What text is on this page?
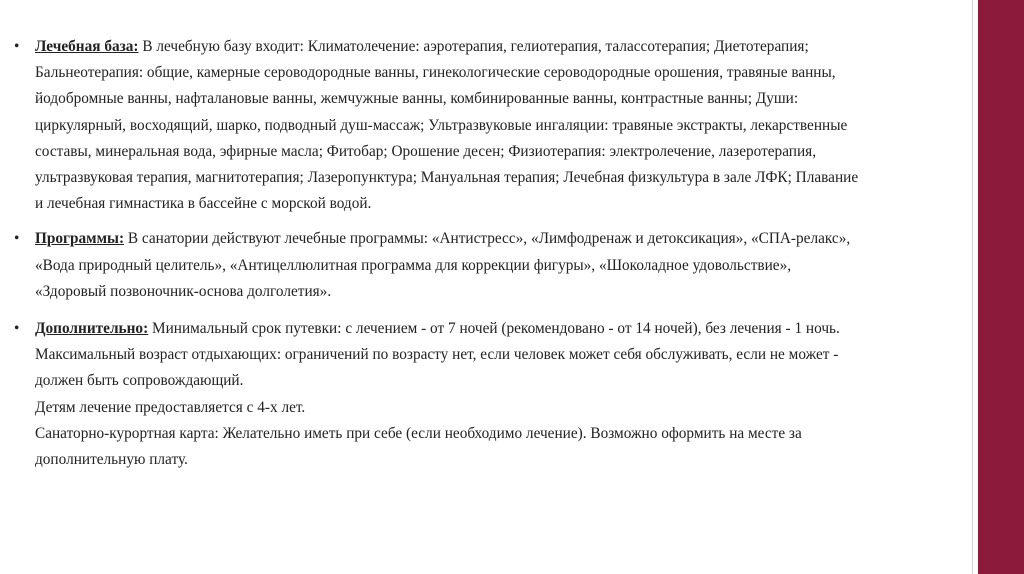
•	Лечебная база: В лечебную базу входит: Климатолечение: аэротерапия, гелиотерапия, талассотерапия; Диетотерапия;
Бальнеотерапия: общие, камерные сероводородные ванны, гинекологические сероводородные орошения, травяные ванны,
йодобромные ванны, нафталановые ванны, жемчужные ванны, комбинированные ванны, контрастные ванны; Души:
циркулярный, восходящий, шарко, подводный душ-массаж; Ультразвуковые ингаляции: травяные экстракты, лекарственные
составы, минеральная вода, эфирные масла; Фитобар; Орошение десен; Физиотерапия: электролечение, лазеротерапия,
ультразвуковая терапия, магнитотерапия; Лазеропунктура; Мануальная терапия; Лечебная физкультура в зале ЛФК; Плавание
и лечебная гимнастика в бассейне с морской водой.
•	Программы: В санатории действуют лечебные программы: «Антистресс», «Лимфодренаж и детоксикация», «СПА-релакс»,
«Вода природный целитель», «Антицеллюлитная программа для коррекции фигуры», «Шоколадное удовольствие»,
«Здоровый позвоночник-основа долголетия».
•	Дополнительно: Минимальный срок путевки: с лечением - от 7 ночей (рекомендовано - от 14 ночей), без лечения - 1 ночь.
Максимальный возраст отдыхающих: ограничений по возрасту нет, если человек может себя обслуживать, если не может -
должен быть сопровождающий.
Детям лечение предоставляется с 4-х лет.
Санаторно-курортная карта: Желательно иметь при себе (если необходимо лечение). Возможно оформить на месте за
дополнительную плату.
